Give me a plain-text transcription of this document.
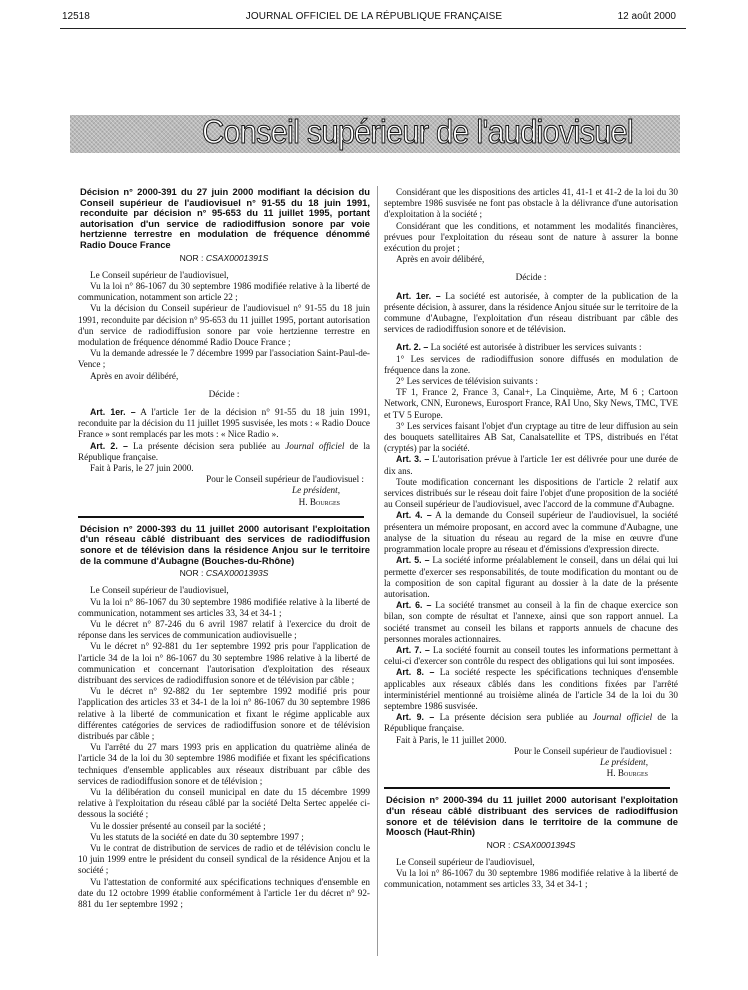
12518	JOURNAL OFFICIEL DE LA RÉPUBLIQUE FRANÇAISE	12 août 2000
Conseil supérieur de l'audiovisuel

Décision n° 2000-391 du 27 juin 2000 modifiant la décision du Conseil supérieur de l'audiovisuel n° 91-55 du 18 juin 1991, reconduite par décision n° 95-653 du 11 juillet 1995, portant autorisation d'un service de radiodiffusion sonore par voie hertzienne terrestre en modulation de fréquence dénommé Radio Douce France

NOR : CSAX0001391S

Le Conseil supérieur de l'audiovisuel,

Vu la loi n° 86-1067 du 30 septembre 1986 modifiée relative à la liberté de communication, notamment son article 22 ;

Vu la décision du Conseil supérieur de l'audiovisuel n° 91-55 du 18 juin 1991, reconduite par décision n° 95-653 du 11 juillet 1995, portant autorisation d'un service de radiodiffusion sonore par voie hertzienne terrestre en modulation de fréquence dénommé Radio Douce France ;

Vu la demande adressée le 7 décembre 1999 par l'association Saint-Paul-de-Vence ;

Après en avoir délibéré,

Décide :

Art. 1er. – A l'article 1er de la décision n° 91-55 du 18 juin 1991, reconduite par la décision du 11 juillet 1995 susvisée, les mots : « Radio Douce France » sont remplacés par les mots : « Nice Radio ».

Art. 2. – La présente décision sera publiée au Journal officiel de la République française.

Fait à Paris, le 27 juin 2000.

Pour le Conseil supérieur de l'audiovisuel :

Le président,

H. Bourges

Décision n° 2000-393 du 11 juillet 2000 autorisant l'exploitation d'un réseau câblé distribuant des services de radiodiffusion sonore et de télévision dans la résidence Anjou sur le territoire de la commune d'Aubagne (Bouches-du-Rhône)

NOR : CSAX0001393S

Le Conseil supérieur de l'audiovisuel,

Vu la loi n° 86-1067 du 30 septembre 1986 modifiée relative à la liberté de communication, notamment ses articles 33, 34 et 34-1 ;

Vu le décret n° 87-246 du 6 avril 1987 relatif à l'exercice du droit de réponse dans les services de communication audiovisuelle ;

Vu le décret n° 92-881 du 1er septembre 1992 pris pour l'application de l'article 34 de la loi n° 86-1067 du 30 septembre 1986 relative à la liberté de communication et concernant l'autorisation d'exploitation des réseaux distribuant des services de radiodiffusion sonore et de télévision par câble ;

Vu le décret n° 92-882 du 1er septembre 1992 modifié pris pour l'application des articles 33 et 34-1 de la loi n° 86-1067 du 30 septembre 1986 relative à la liberté de communication et fixant le régime applicable aux différentes catégories de services de radiodiffusion sonore et de télévision distribués par câble ;

Vu l'arrêté du 27 mars 1993 pris en application du quatrième alinéa de l'article 34 de la loi du 30 septembre 1986 modifiée et fixant les spécifications techniques d'ensemble applicables aux réseaux distribuant par câble des services de radiodiffusion sonore et de télévision ;

Vu la délibération du conseil municipal en date du 15 décembre 1999 relative à l'exploitation du réseau câblé par la société Delta Sertec appelée ci-dessous la société ;

Vu le dossier présenté au conseil par la société ;

Vu les statuts de la société en date du 30 septembre 1997 ;

Vu le contrat de distribution de services de radio et de télévision conclu le 10 juin 1999 entre le président du conseil syndical de la résidence Anjou et la société ;

Vu l'attestation de conformité aux spécifications techniques d'ensemble en date du 12 octobre 1999 établie conformément à l'article 1er du décret n° 92-881 du 1er septembre 1992 ;

Considérant que les dispositions des articles 41, 41-1 et 41-2 de la loi du 30 septembre 1986 susvisée ne font pas obstacle à la délivrance d'une autorisation d'exploitation à la société ;

Considérant que les conditions, et notamment les modalités financières, prévues pour l'exploitation du réseau sont de nature à assurer la bonne exécution du projet ;

Après en avoir délibéré,

Décide :

Art. 1er. – La société est autorisée, à compter de la publication de la présente décision, à assurer, dans la résidence Anjou située sur le territoire de la commune d'Aubagne, l'exploitation d'un réseau distribuant par câble des services de radiodiffusion sonore et de télévision.

Art. 2. – La société est autorisée à distribuer les services suivants :

1° Les services de radiodiffusion sonore diffusés en modulation de fréquence dans la zone.

2° Les services de télévision suivants :

TF 1, France 2, France 3, Canal+, La Cinquième, Arte, M 6 ; Cartoon Network, CNN, Euronews, Eurosport France, RAI Uno, Sky News, TMC, TVE et TV 5 Europe.

3° Les services faisant l'objet d'un cryptage au titre de leur diffusion au sein des bouquets satellitaires AB Sat, Canalsatellite et TPS, distribués en l'état (cryptés) par la société.

Art. 3. – L'autorisation prévue à l'article 1er est délivrée pour une durée de dix ans.

Toute modification concernant les dispositions de l'article 2 relatif aux services distribués sur le réseau doit faire l'objet d'une proposition de la société au Conseil supérieur de l'audiovisuel, avec l'accord de la commune d'Aubagne.

Art. 4. – A la demande du Conseil supérieur de l'audiovisuel, la société présentera un mémoire proposant, en accord avec la commune d'Aubagne, une analyse de la situation du réseau au regard de la mise en œuvre d'une programmation locale propre au réseau et d'émissions d'expression directe.

Art. 5. – La société informe préalablement le conseil, dans un délai qui lui permette d'exercer ses responsabilités, de toute modification du montant ou de la composition de son capital figurant au dossier à la date de la présente autorisation.

Art. 6. – La société transmet au conseil à la fin de chaque exercice son bilan, son compte de résultat et l'annexe, ainsi que son rapport annuel. La société transmet au conseil les bilans et rapports annuels de chacune des personnes morales actionnaires.

Art. 7. – La société fournit au conseil toutes les informations permettant à celui-ci d'exercer son contrôle du respect des obligations qui lui sont imposées.

Art. 8. – La société respecte les spécifications techniques d'ensemble applicables aux réseaux câblés dans les conditions fixées par l'arrêté interministériel mentionné au troisième alinéa de l'article 34 de la loi du 30 septembre 1986 susvisée.

Art. 9. – La présente décision sera publiée au Journal officiel de la République française.

Fait à Paris, le 11 juillet 2000.

Pour le Conseil supérieur de l'audiovisuel :

Le président,

H. Bourges

Décision n° 2000-394 du 11 juillet 2000 autorisant l'exploitation d'un réseau câblé distribuant des services de radiodiffusion sonore et de télévision dans le territoire de la commune de Moosch (Haut-Rhin)

NOR : CSAX0001394S

Le Conseil supérieur de l'audiovisuel,

Vu la loi n° 86-1067 du 30 septembre 1986 modifiée relative à la liberté de communication, notamment ses articles 33, 34 et 34-1 ;
